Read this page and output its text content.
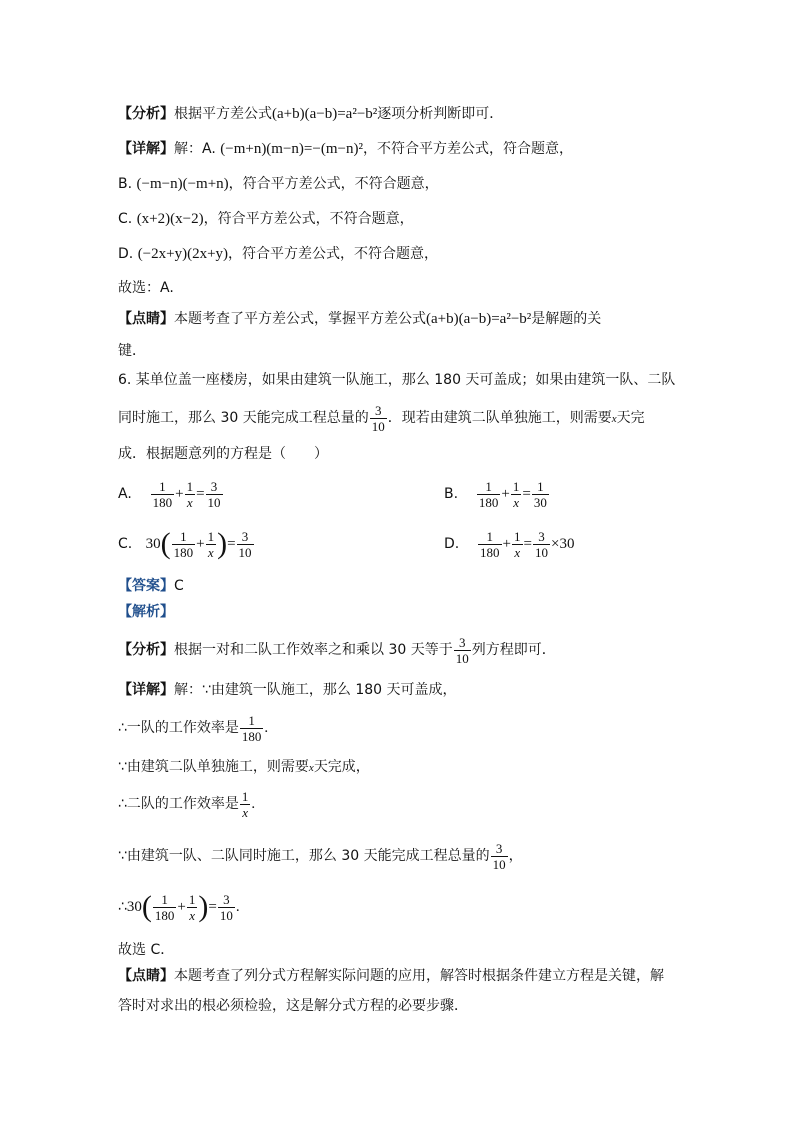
【分析】根据平方差公式(a+b)(a−b)=a²−b²逐项分析判断即可．
【详解】解：A. (−m+n)(m−n)=−(m−n)²，不符合平方差公式，符合题意，
B. (−m−n)(−m+n)，符合平方差公式，不符合题意，
C. (x+2)(x−2)，符合平方差公式，不符合题意，
D. (−2x+y)(2x+y)，符合平方差公式，不符合题意，
故选：A.
【点睛】本题考查了平方差公式，掌握平方差公式(a+b)(a−b)=a²−b²是解题的关
键．
6. 某单位盖一座楼房，如果由建筑一队施工，那么 180 天可盖成；如果由建筑一队、二队
同时施工，那么 30 天能完成工程总量的 $\frac{3}{10}$ ．现若由建筑二队单独施工，则需要x天完
成．根据题意列的方程是（　　）
A. $\frac{1}{180} + \frac{1}{x} = \frac{3}{10}$	B. $\frac{1}{180} + \frac{1}{x} = \frac{1}{30}$
C. $30( \frac{1}{180} + \frac{1}{x}$ )= $\frac{3}{10}$	D. $\frac{1}{180} + \frac{1}{x} = \frac{3}{10} \times 30$
【答案】C
【解析】
【分析】根据一对和二队工作效率之和乘以 30 天等于 $\frac{3}{10}$ 列方程即可．
【详解】解：∵由建筑一队施工，那么 180 天可盖成，
∴一队的工作效率是 $\frac{1}{180}$ .
∵由建筑二队单独施工，则需要x天完成，
∴二队的工作效率是 $\frac{1}{x}$ .
∵由建筑一队、二队同时施工，那么 30 天能完成工程总量的 $\frac{3}{10}$ ，
∴30( $\frac{1}{180} + \frac{1}{x}$ )= $\frac{3}{10}$ .
故选 C．
【点睛】本题考查了列分式方程解实际问题的应用，解答时根据条件建立方程是关键，解
答时对求出的根必须检验，这是解分式方程的必要步骤．
